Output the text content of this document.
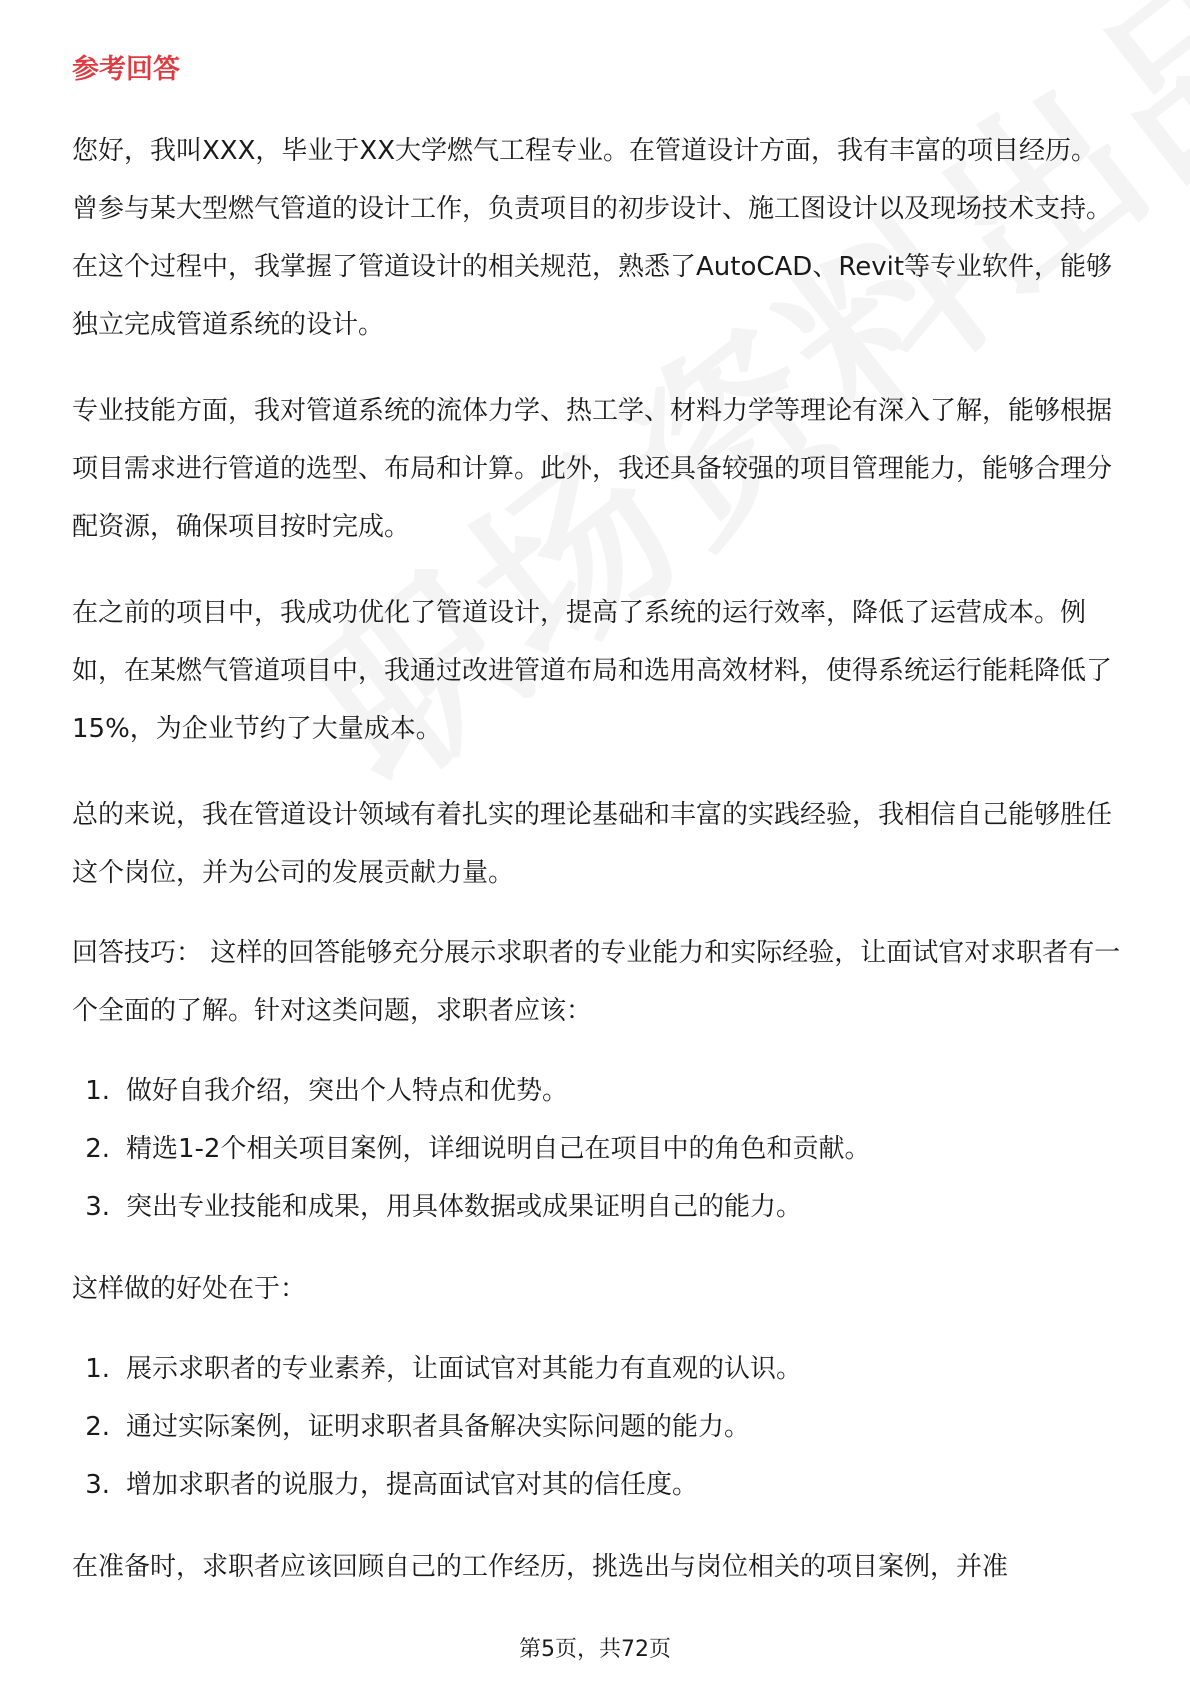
参考回答

您好，我叫XXX，毕业于XX大学燃气工程专业。在管道设计方面，我有丰富的项目经历。曾参与某大型燃气管道的设计工作，负责项目的初步设计、施工图设计以及现场技术支持。在这个过程中，我掌握了管道设计的相关规范，熟悉了AutoCAD、Revit等专业软件，能够独立完成管道系统的设计。

专业技能方面，我对管道系统的流体力学、热工学、材料力学等理论有深入了解，能够根据项目需求进行管道的选型、布局和计算。此外，我还具备较强的项目管理能力，能够合理分配资源，确保项目按时完成。

在之前的项目中，我成功优化了管道设计，提高了系统的运行效率，降低了运营成本。例如，在某燃气管道项目中，我通过改进管道布局和选用高效材料，使得系统运行能耗降低了15%，为企业节约了大量成本。

总的来说，我在管道设计领域有着扎实的理论基础和丰富的实践经验，我相信自己能够胜任这个岗位，并为公司的发展贡献力量。

回答技巧： 这样的回答能够充分展示求职者的专业能力和实际经验，让面试官对求职者有一个全面的了解。针对这类问题，求职者应该：

1. 做好自我介绍，突出个人特点和优势。
2. 精选1-2个相关项目案例，详细说明自己在项目中的角色和贡献。
3. 突出专业技能和成果，用具体数据或成果证明自己的能力。

这样做的好处在于：

1. 展示求职者的专业素养，让面试官对其能力有直观的认识。
2. 通过实际案例，证明求职者具备解决实际问题的能力。
3. 增加求职者的说服力，提高面试官对其的信任度。

在准备时，求职者应该回顾自己的工作经历，挑选出与岗位相关的项目案例，并准

第5页，共72页
